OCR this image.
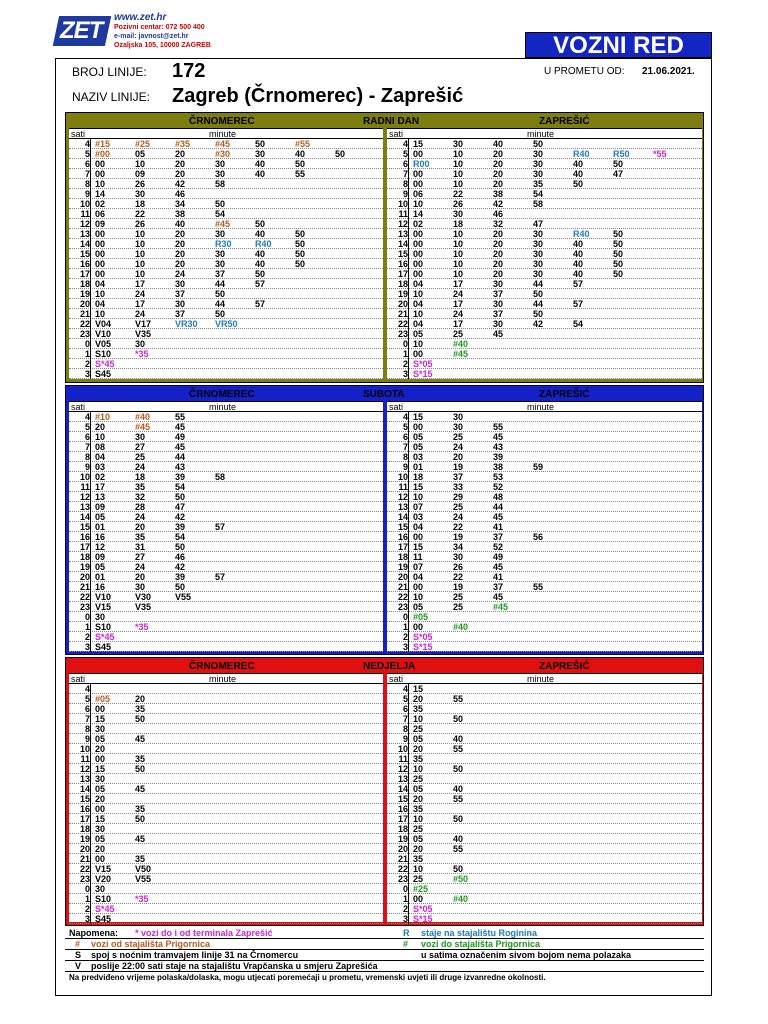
ZET www.zet.hr
Pozivni centar: 072 500 400
e-mail: javnost@zet.hr
Ozaljska 105, 10000 ZAGREB	VOZNI RED
BROJ LINIJE: 172	U PROMETU OD: 21.06.2021.
NAZIV LINIJE: Zagreb (Črnomerec) - Zaprešić
ČRNOMEREC	RADNI DAN	ZAPREŠIĆ
sati	minute
4 #15	#25	#35	#45	50	#55
5 #00	05	20	#30	30	40	50
6 00	10	20	30	40	50
7 00	09	20	30	40	55
8 10	26	42	58
9 14	30	46
10 02	18	34	50
11 06	22	38	54
12 09	26	40	#45	50
13 00	10	20	30	40	50
14 00	10	20	R30	R40	50
15 00	10	20	30	40	50
16 00	10	20	30	40	50
17 00	10	24	37	50
18 04	17	30	44	57
19 10	24	37	50
20 04	17	30	44	57
21 10	24	37	50
22 V04	V17	VR30 VR50
23 V10	V35
0 V05	30
1 S10	*35
2 S*45
3 S45
sati	minute
4 15	30	40	50
5 00	10	20	30	R40	R50	*55
6 R00	10	20	30	40	50
7 00	10	20	30	40	47
8 00	10	20	35	50
9 06	22	38	54
10 10	26	42	58
11 14	30	46
12 02	18	32	47
13 00	10	20	30	R40	50
14 00	10	20	30	40	50
15 00	10	20	30	40	50
16 00	10	20	30	40	50
17 00	10	20	30	40	50
18 04	17	30	44	57
19 10	24	37	50
20 04	17	30	44	57
21 10	24	37	50
22 04	17	30	42	54
23 05	25	45
0 10	#40
1 00	#45
2 S*05
3 S*15
ČRNOMEREC	SUBOTA	ZAPREŠIĆ
sati	minute
4 #10	#40	55
5 20	#45	45
6 10	30	49
7 08	27	45
8 04	25	44
9 03	24	43
10 02	18	39	58
11 17	35	54
12 13	32	50
13 09	28	47
14 05	24	42
15 01	20	39	57
16 16	35	54
17 12	31	50
18 09	27	46
19 05	24	42
20 01	20	39	57
21 16	30	50
22 V10	V30	V55
23 V15	V35
0 30
1 S10	*35
2 S*45
3 S45
sati	minute
4 15	30
5 00	30	55
6 05	25	45
7 05	24	43
8 03	20	39
9 01	19	38	59
10 18	37	53
11 15	33	52
12 10	29	48
13 07	25	44
14 03	24	45
15 04	22	41
16 00	19	37	56
17 15	34	52
18 11	30	49
19 07	26	45
20 04	22	41
21 00	19	37	55
22 10	25	45
23 05	25	#45
0 #05
1 00	#40
2 S*05
3 S*15
ČRNOMEREC	NEDJELJA	ZAPREŠIĆ
sati	minute
4
5 #05	20
6 00	35
7 15	50
8 30
9 05	45
10 20
11 00	35
12 15	50
13 30
14 05	45
15 20
16 00	35
17 15	50
18 30
19 05	45
20 20
21 00	35
22 V15	V50
23 V20	V55
0 30
1 S10	*35
2 S*45
3 S45
sati	minute
4 15
5 20	55
6 35
7 10	50
8 25
9 05	40
10 20	55
11 35
12 10	50
13 25
14 05	40
15 20	55
16 35
17 10	50
18 25
19 05	40
20 20	55
21 35
22 10	50
23 25	#50
0 #25
1 00	#40
2 S*05
3 S*15
Napomena: * vozi do i od terminala Zaprešić	R staje na stajalištu Roginina
# vozi od stajališta Prigornica	# vozi do stajališta Prigornica
S spoj s noćnim tramvajem linije 31 na Črnomercu	u satima označenim sivom bojom nema polazaka
V poslije 22:00 sati staje na stajalištu Vrapčanska u smjeru Zaprešića
Na predviđeno vrijeme polaska/dolaska, mogu utjecati poremećaji u prometu, vremenski uvjeti ili druge izvanredne okolnosti.
